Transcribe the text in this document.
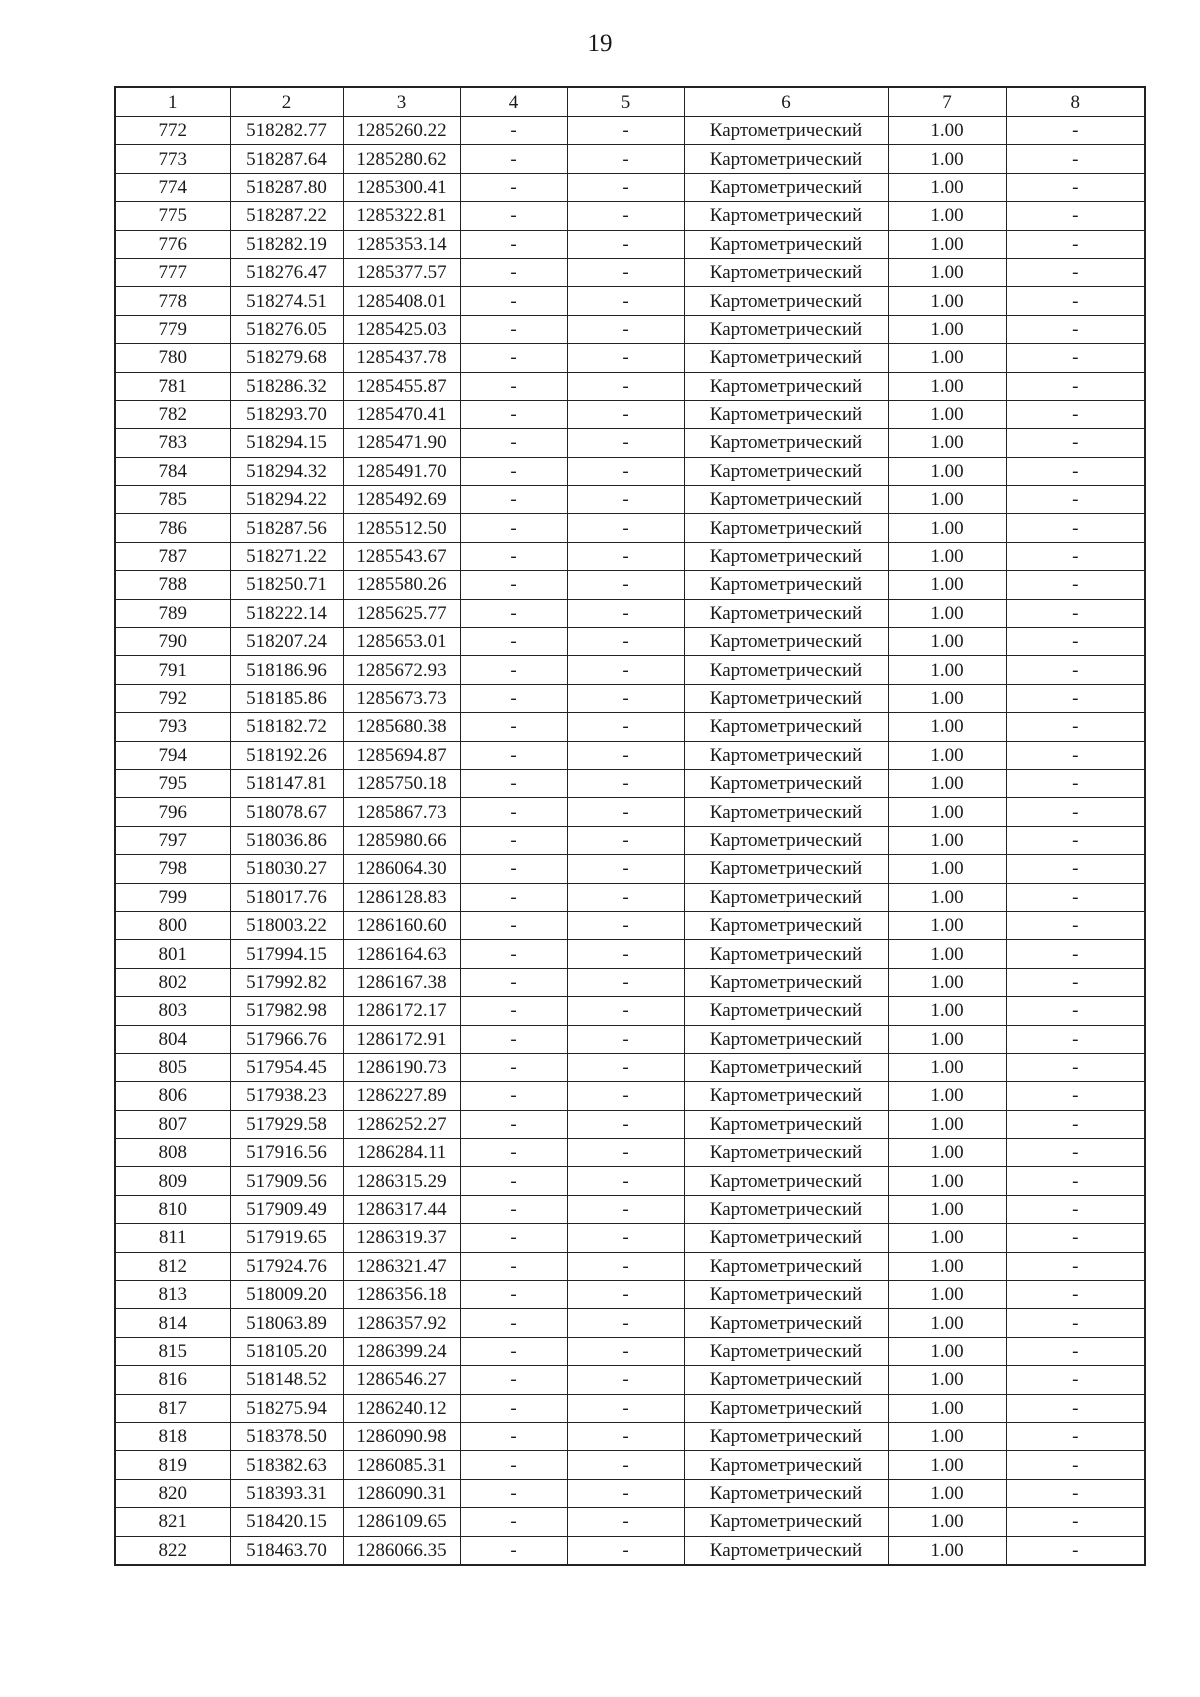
19
1	2	3	4	5	6	7	8
772	518282.77	1285260.22	-	-	Картометрический	1.00	-
773	518287.64	1285280.62	-	-	Картометрический	1.00	-
774	518287.80	1285300.41	-	-	Картометрический	1.00	-
775	518287.22	1285322.81	-	-	Картометрический	1.00	-
776	518282.19	1285353.14	-	-	Картометрический	1.00	-
777	518276.47	1285377.57	-	-	Картометрический	1.00	-
778	518274.51	1285408.01	-	-	Картометрический	1.00	-
779	518276.05	1285425.03	-	-	Картометрический	1.00	-
780	518279.68	1285437.78	-	-	Картометрический	1.00	-
781	518286.32	1285455.87	-	-	Картометрический	1.00	-
782	518293.70	1285470.41	-	-	Картометрический	1.00	-
783	518294.15	1285471.90	-	-	Картометрический	1.00	-
784	518294.32	1285491.70	-	-	Картометрический	1.00	-
785	518294.22	1285492.69	-	-	Картометрический	1.00	-
786	518287.56	1285512.50	-	-	Картометрический	1.00	-
787	518271.22	1285543.67	-	-	Картометрический	1.00	-
788	518250.71	1285580.26	-	-	Картометрический	1.00	-
789	518222.14	1285625.77	-	-	Картометрический	1.00	-
790	518207.24	1285653.01	-	-	Картометрический	1.00	-
791	518186.96	1285672.93	-	-	Картометрический	1.00	-
792	518185.86	1285673.73	-	-	Картометрический	1.00	-
793	518182.72	1285680.38	-	-	Картометрический	1.00	-
794	518192.26	1285694.87	-	-	Картометрический	1.00	-
795	518147.81	1285750.18	-	-	Картометрический	1.00	-
796	518078.67	1285867.73	-	-	Картометрический	1.00	-
797	518036.86	1285980.66	-	-	Картометрический	1.00	-
798	518030.27	1286064.30	-	-	Картометрический	1.00	-
799	518017.76	1286128.83	-	-	Картометрический	1.00	-
800	518003.22	1286160.60	-	-	Картометрический	1.00	-
801	517994.15	1286164.63	-	-	Картометрический	1.00	-
802	517992.82	1286167.38	-	-	Картометрический	1.00	-
803	517982.98	1286172.17	-	-	Картометрический	1.00	-
804	517966.76	1286172.91	-	-	Картометрический	1.00	-
805	517954.45	1286190.73	-	-	Картометрический	1.00	-
806	517938.23	1286227.89	-	-	Картометрический	1.00	-
807	517929.58	1286252.27	-	-	Картометрический	1.00	-
808	517916.56	1286284.11	-	-	Картометрический	1.00	-
809	517909.56	1286315.29	-	-	Картометрический	1.00	-
810	517909.49	1286317.44	-	-	Картометрический	1.00	-
811	517919.65	1286319.37	-	-	Картометрический	1.00	-
812	517924.76	1286321.47	-	-	Картометрический	1.00	-
813	518009.20	1286356.18	-	-	Картометрический	1.00	-
814	518063.89	1286357.92	-	-	Картометрический	1.00	-
815	518105.20	1286399.24	-	-	Картометрический	1.00	-
816	518148.52	1286546.27	-	-	Картометрический	1.00	-
817	518275.94	1286240.12	-	-	Картометрический	1.00	-
818	518378.50	1286090.98	-	-	Картометрический	1.00	-
819	518382.63	1286085.31	-	-	Картометрический	1.00	-
820	518393.31	1286090.31	-	-	Картометрический	1.00	-
821	518420.15	1286109.65	-	-	Картометрический	1.00	-
822	518463.70	1286066.35	-	-	Картометрический	1.00	-
